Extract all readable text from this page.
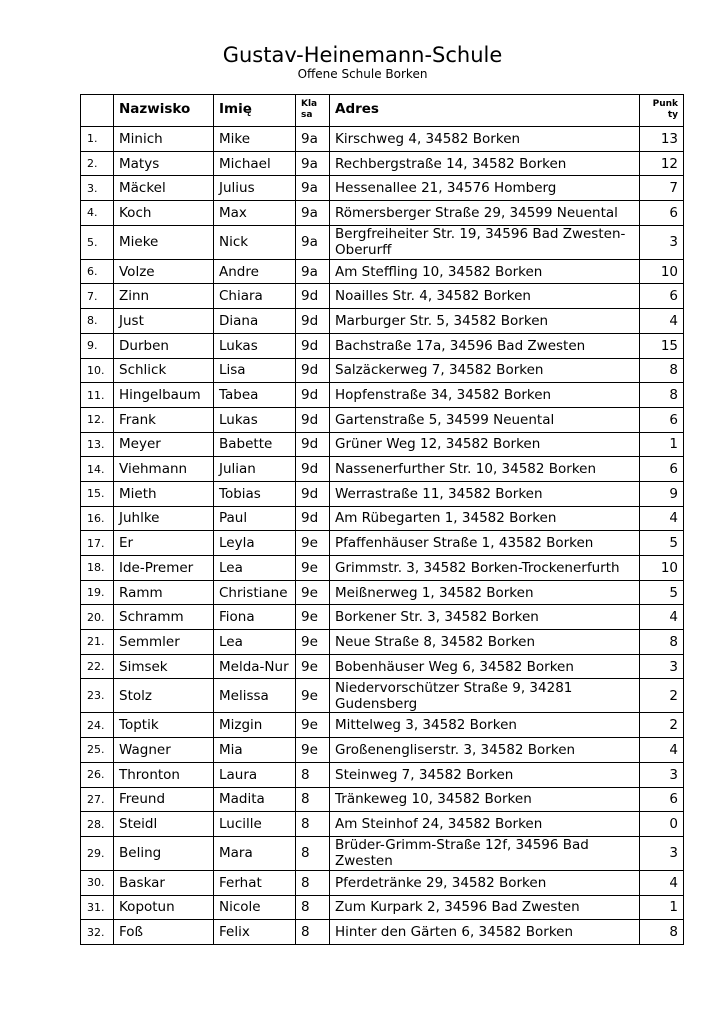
Gustav-Heinemann-Schule
Offene Schule Borken
	Nazwisko	Imię	Kla sa	Adres	Punk ty
1.	Minich	Mike	9a	Kirschweg 4, 34582 Borken	13
2.	Matys	Michael	9a	Rechbergstraße 14, 34582 Borken	12
3.	Mäckel	Julius	9a	Hessenallee 21, 34576 Homberg	7
4.	Koch	Max	9a	Römersberger Straße 29, 34599 Neuental	6
5.	Mieke	Nick	9a	Bergfreiheiter Str. 19, 34596 Bad Zwesten-Oberurff	3
6.	Volze	Andre	9a	Am Steffling 10, 34582 Borken	10
7.	Zinn	Chiara	9d	Noailles Str. 4, 34582 Borken	6
8.	Just	Diana	9d	Marburger Str. 5, 34582 Borken	4
9.	Durben	Lukas	9d	Bachstraße 17a, 34596 Bad Zwesten	15
10.	Schlick	Lisa	9d	Salzäckerweg 7, 34582 Borken	8
11.	Hingelbaum	Tabea	9d	Hopfenstraße 34, 34582 Borken	8
12.	Frank	Lukas	9d	Gartenstraße 5, 34599 Neuental	6
13.	Meyer	Babette	9d	Grüner Weg 12, 34582 Borken	1
14.	Viehmann	Julian	9d	Nassenerfurther Str. 10, 34582 Borken	6
15.	Mieth	Tobias	9d	Werrastraße 11, 34582 Borken	9
16.	Juhlke	Paul	9d	Am Rübegarten 1, 34582 Borken	4
17.	Er	Leyla	9e	Pfaffenhäuser Straße 1, 43582 Borken	5
18.	Ide-Premer	Lea	9e	Grimmstr. 3, 34582 Borken-Trockenerfurth	10
19.	Ramm	Christiane	9e	Meißnerweg 1, 34582 Borken	5
20.	Schramm	Fiona	9e	Borkener Str. 3, 34582 Borken	4
21.	Semmler	Lea	9e	Neue Straße 8, 34582 Borken	8
22.	Simsek	Melda-Nur	9e	Bobenhäuser Weg 6, 34582 Borken	3
23.	Stolz	Melissa	9e	Niedervorschützer Straße 9, 34281 Gudensberg	2
24.	Toptik	Mizgin	9e	Mittelweg 3, 34582 Borken	2
25.	Wagner	Mia	9e	Großenengliserstr. 3, 34582 Borken	4
26.	Thronton	Laura	8	Steinweg 7, 34582 Borken	3
27.	Freund	Madita	8	Tränkeweg 10, 34582 Borken	6
28.	Steidl	Lucille	8	Am Steinhof 24, 34582 Borken	0
29.	Beling	Mara	8	Brüder-Grimm-Straße 12f, 34596 Bad Zwesten	3
30.	Baskar	Ferhat	8	Pferdetränke 29, 34582 Borken	4
31.	Kopotun	Nicole	8	Zum Kurpark 2, 34596 Bad Zwesten	1
32.	Foß	Felix	8	Hinter den Gärten 6, 34582 Borken	8
